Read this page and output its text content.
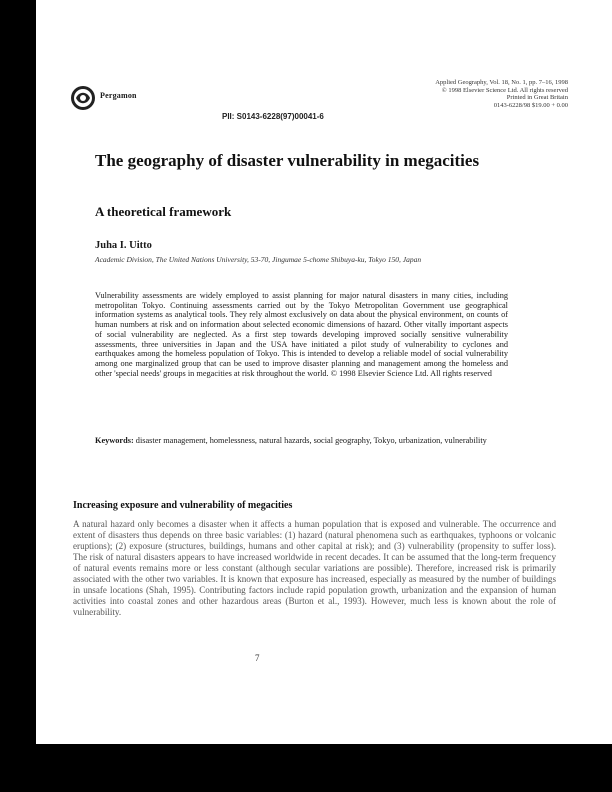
Pergamon
Applied Geography, Vol. 18, No. 1, pp. 7–16, 1998
© 1998 Elsevier Science Ltd. All rights reserved
Printed in Great Britain
0143-6228/98 $19.00 + 0.00
PII: S0143-6228(97)00041-6
The geography of disaster vulnerability in megacities
A theoretical framework
Juha I. Uitto
Academic Division, The United Nations University, 53-70, Jingumae 5-chome Shibuya-ku, Tokyo 150, Japan
Vulnerability assessments are widely employed to assist planning for major natural disasters in many cities, including metropolitan Tokyo. Continuing assessments carried out by the Tokyo Metropolitan Government use geographical information systems as analytical tools. They rely almost exclusively on data about the physical environment, on counts of human numbers at risk and on information about selected economic dimensions of hazard. Other vitally important aspects of social vulnerability are neglected. As a first step towards developing improved socially sensitive vulnerability assessments, three universities in Japan and the USA have initiated a pilot study of vulnerability to cyclones and earthquakes among the homeless population of Tokyo. This is intended to develop a reliable model of social vulnerability among one marginalized group that can be used to improve disaster planning and management among the homeless and other 'special needs' groups in megacities at risk throughout the world. © 1998 Elsevier Science Ltd. All rights reserved
Keywords: disaster management, homelessness, natural hazards, social geography, Tokyo, urbanization, vulnerability
Increasing exposure and vulnerability of megacities
A natural hazard only becomes a disaster when it affects a human population that is exposed and vulnerable. The occurrence and extent of disasters thus depends on three basic variables: (1) hazard (natural phenomena such as earthquakes, typhoons or volcanic eruptions); (2) exposure (structures, buildings, humans and other capital at risk); and (3) vulnerability (propensity to suffer loss). The risk of natural disasters appears to have increased worldwide in recent decades. It can be assumed that the long-term frequency of natural events remains more or less constant (although secular variations are possible). Therefore, increased risk is primarily associated with the other two variables. It is known that exposure has increased, especially as measured by the number of buildings in unsafe locations (Shah, 1995). Contributing factors include rapid population growth, urbanization and the expansion of human activities into coastal zones and other hazardous areas (Burton et al., 1993). However, much less is known about the role of vulnerability.
7
